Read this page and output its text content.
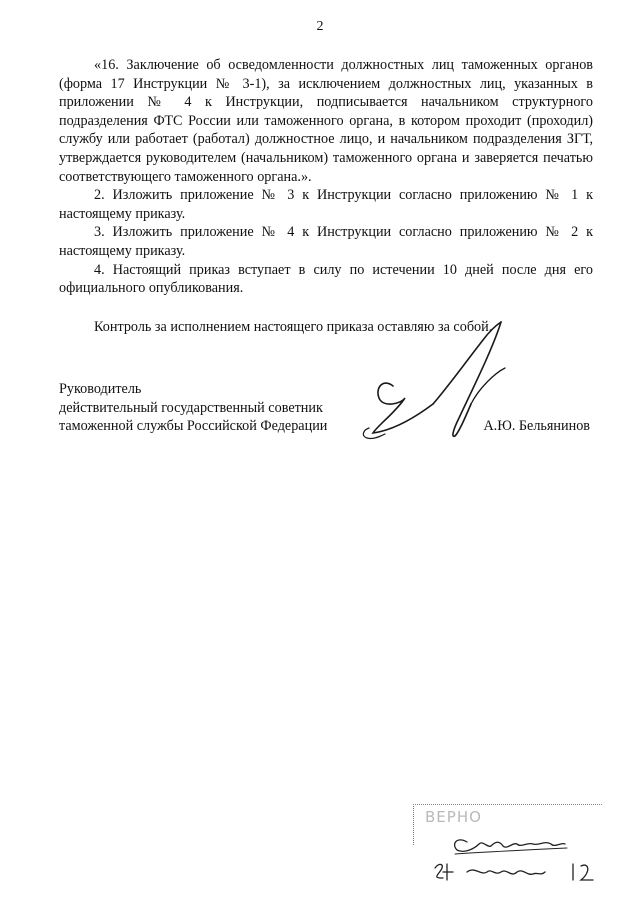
2

«16. Заключение об осведомленности должностных лиц таможенных органов (форма 17 Инструкции № 3-1), за исключением должностных лиц, указанных в приложении № 4 к Инструкции, подписывается начальником структурного подразделения ФТС России или таможенного органа, в котором проходит (проходил) службу или работает (работал) должностное лицо, и начальником подразделения ЗГТ, утверждается руководителем (начальником) таможенного органа и заверяется печатью соответствующего таможенного органа.».

2. Изложить приложение № 3 к Инструкции согласно приложению № 1 к настоящему приказу.

3. Изложить приложение № 4 к Инструкции согласно приложению № 2 к настоящему приказу.

4. Настоящий приказ вступает в силу по истечении 10 дней после дня его официального опубликования.

Контроль за исполнением настоящего приказа оставляю за собой.
Руководитель
действительный государственный советник
таможенной службы Российской Федерации	А.Ю. Бельянинов
ВЕРНО
